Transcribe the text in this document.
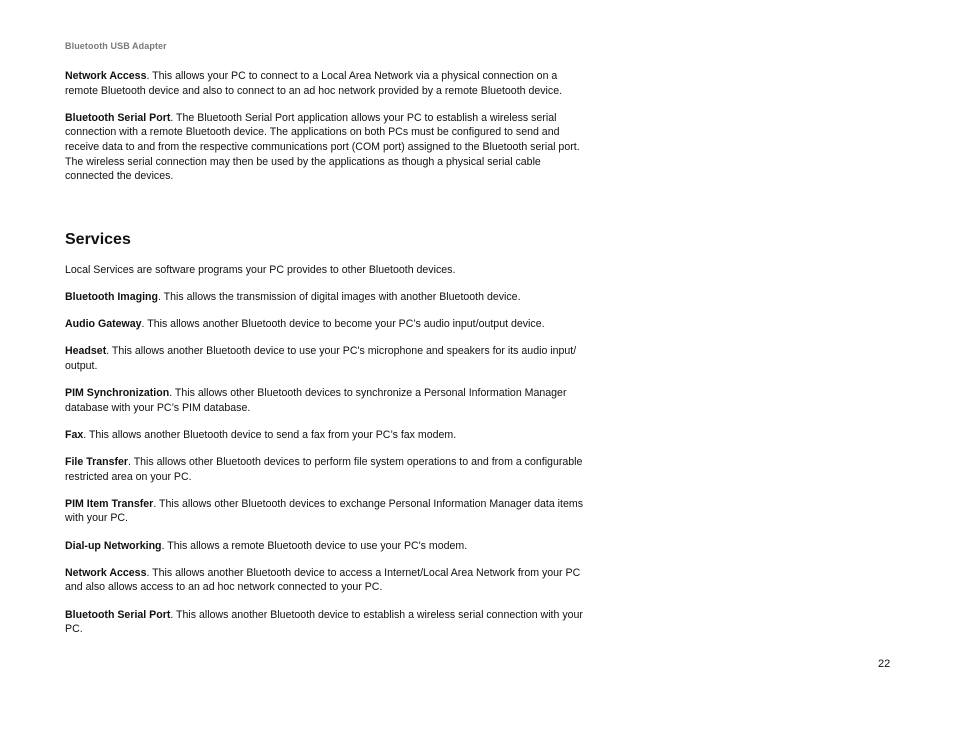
Bluetooth USB Adapter

Network Access. This allows your PC to connect to a Local Area Network via a physical connection on a remote Bluetooth device and also to connect to an ad hoc network provided by a remote Bluetooth device.

Bluetooth Serial Port. The Bluetooth Serial Port application allows your PC to establish a wireless serial connection with a remote Bluetooth device. The applications on both PCs must be configured to send and receive data to and from the respective communications port (COM port) assigned to the Bluetooth serial port. The wireless serial connection may then be used by the applications as though a physical serial cable connected the devices.

Services

Local Services are software programs your PC provides to other Bluetooth devices.

Bluetooth Imaging. This allows the transmission of digital images with another Bluetooth device.

Audio Gateway. This allows another Bluetooth device to become your PC’s audio input/output device.

Headset. This allows another Bluetooth device to use your PC's microphone and speakers for its audio input/ output.

PIM Synchronization. This allows other Bluetooth devices to synchronize a Personal Information Manager database with your PC’s PIM database.

Fax. This allows another Bluetooth device to send a fax from your PC’s fax modem.

File Transfer. This allows other Bluetooth devices to perform file system operations to and from a configurable restricted area on your PC.

PIM Item Transfer. This allows other Bluetooth devices to exchange Personal Information Manager data items with your PC.

Dial-up Networking. This allows a remote Bluetooth device to use your PC's modem.

Network Access. This allows another Bluetooth device to access a Internet/Local Area Network from your PC and also allows access to an ad hoc network connected to your PC.

Bluetooth Serial Port. This allows another Bluetooth device to establish a wireless serial connection with your PC.

22
